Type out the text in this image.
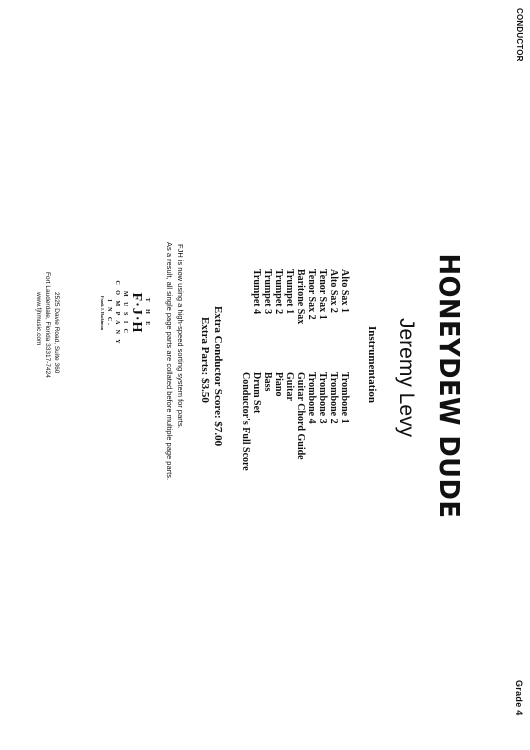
CONDUCTOR
Grade 4
HONEYDEW DUDE
Jeremy Levy
Instrumentation
Alto Sax 1
Alto Sax 2
Tenor Sax 1
Tenor Sax 2
Baritone Sax
Trumpet 1
Trumpet 2
Trumpet 3
Trumpet 4
Trombone 1
Trombone 2
Trombone 3
Trombone 4
Guitar Chord Guide
Guitar
Piano
Bass
Drum Set
Conductor's Full Score
Extra Conductor Score: $7.00
Extra Parts: $3.50
FJH is now using a high-speed sorting system for parts.
As a result, all single page parts are collated before multiple page parts.
T H E
F·J·H
M U S I C
C O M P A N Y
I N C.
Frank J. Hackinson
2525 Davie Road, Suite 360
Fort Lauderdale, Florida 33317-7424
www.fjhmusic.com
